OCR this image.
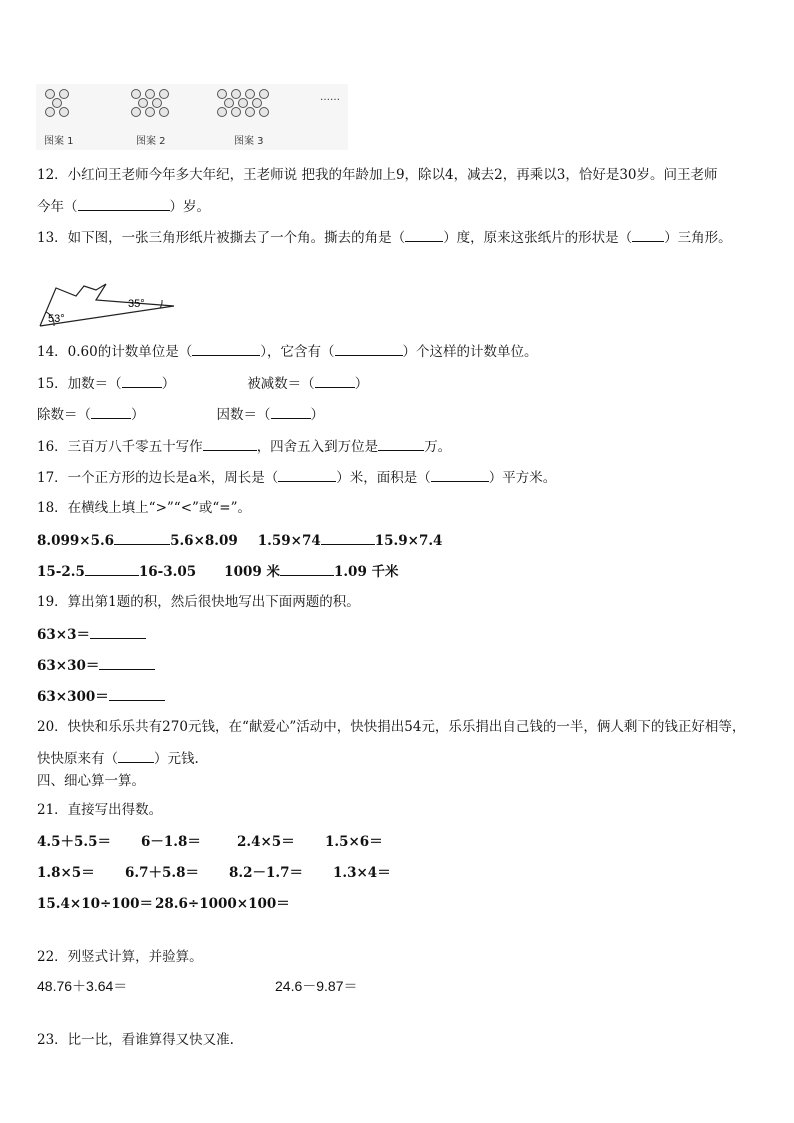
图案 1	图案 2	图案 3
……
12．小红问王老师今年多大年纪，王老师说 把我的年龄加上9，除以4，减去2，再乘以3，恰好是30岁。问王老师
今年（	）岁。
13．如下图，一张三角形纸片被撕去了一个角。撕去的角是（	）度，原来这张纸片的形状是（ ）三角形。
53°
35°
14．0.60的计数单位是（	），它含有（	）个这样的计数单位。
15．加数＝（	）	被减数＝（	）
除数＝（	）	因数＝（	）
16．三百万八千零五十写作	，四舍五入到万位是	万。
17．一个正方形的边长是a米，周长是（	）米，面积是（	）平方米。
18．在横线上填上“>”“<”或“=”。
8.099×5.6	5.6×8.09 1.59×74	15.9×7.4
15-2.5	16-3.05 1009 米	1.09 千米
19．算出第1题的积，然后很快地写出下面两题的积。
63×3＝
63×30＝
63×300＝
20．快快和乐乐共有270元钱，在“献爱心”活动中，快快捐出54元，乐乐捐出自己钱的一半，俩人剩下的钱正好相等，
快快原来有（	）元钱.
四、细心算一算。
21．直接写出得数。
4.5＋5.5＝ 6－1.8＝	2.4×5＝ 1.5×6＝
1.8×5＝ 6.7＋5.8＝ 8.2－1.7＝ 1.3×4＝
15.4×10÷100＝ 28.6÷1000×100＝
22．列竖式计算，并验算。
48.76＋3.64＝	24.6－9.87＝
23．比一比，看谁算得又快又准.
